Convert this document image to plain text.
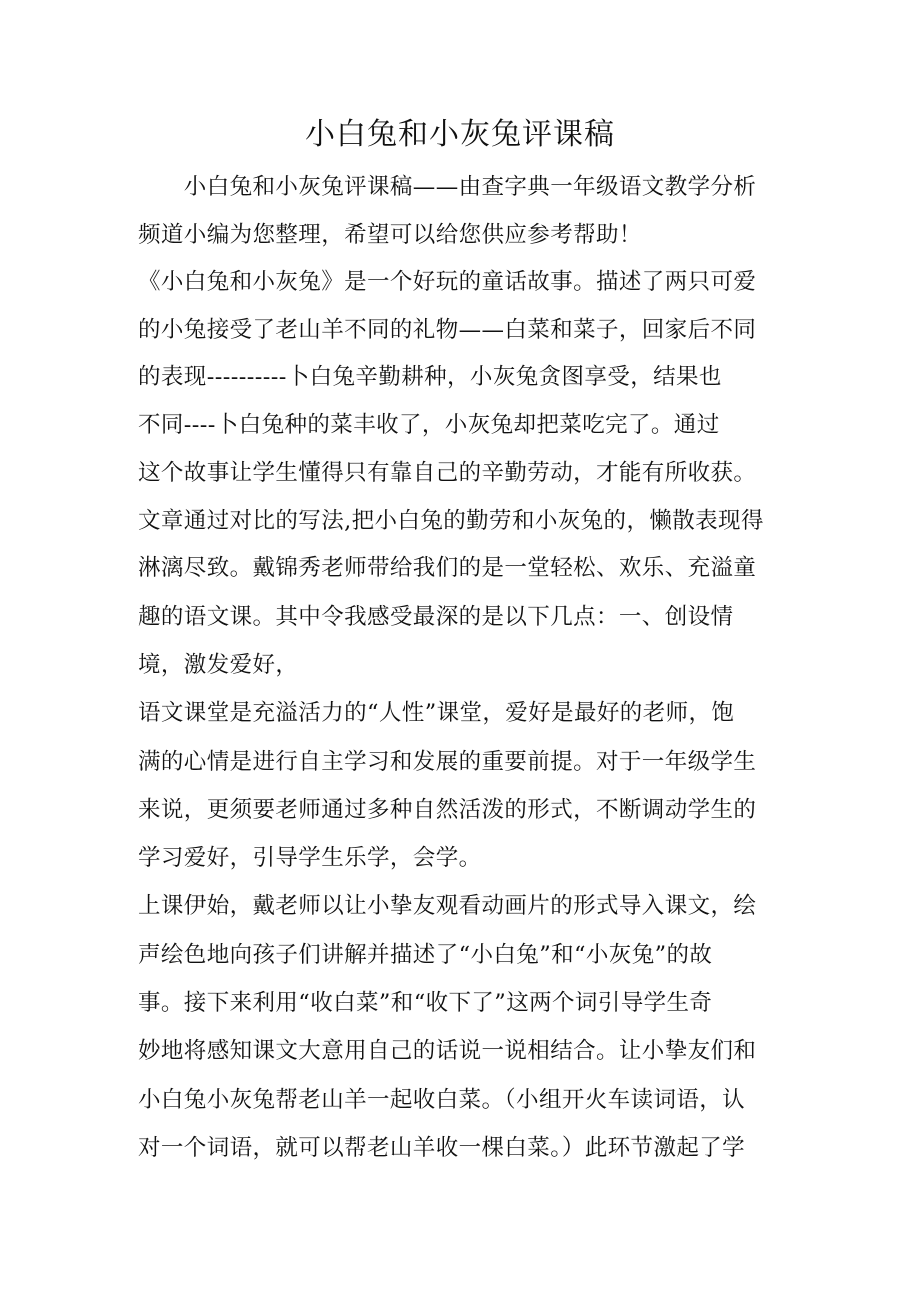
小白兔和小灰兔评课稿
　　小白兔和小灰兔评课稿——由查字典一年级语文教学分析
频道小编为您整理，希望可以给您供应参考帮助！
《小白兔和小灰兔》是一个好玩的童话故事。描述了两只可爱
的小兔接受了老山羊不同的礼物——白菜和菜子，回家后不同
的表现----------卜白兔辛勤耕种，小灰兔贪图享受，结果也
不同----卜白兔种的菜丰收了，小灰兔却把菜吃完了。通过
这个故事让学生懂得只有靠自己的辛勤劳动，才能有所收获。
文章通过对比的写法,把小白兔的勤劳和小灰兔的，懒散表现得
淋漓尽致。戴锦秀老师带给我们的是一堂轻松、欢乐、充溢童
趣的语文课。其中令我感受最深的是以下几点：一、创设情
境，激发爱好，
语文课堂是充溢活力的“人性”课堂，爱好是最好的老师，饱
满的心情是进行自主学习和发展的重要前提。对于一年级学生
来说，更须要老师通过多种自然活泼的形式，不断调动学生的
学习爱好，引导学生乐学，会学。
上课伊始，戴老师以让小挚友观看动画片的形式导入课文，绘
声绘色地向孩子们讲解并描述了“小白兔”和“小灰兔”的故
事。接下来利用“收白菜”和“收下了”这两个词引导学生奇
妙地将感知课文大意用自己的话说一说相结合。让小挚友们和
小白兔小灰兔帮老山羊一起收白菜。（小组开火车读词语，认
对一个词语，就可以帮老山羊收一棵白菜。）此环节激起了学
